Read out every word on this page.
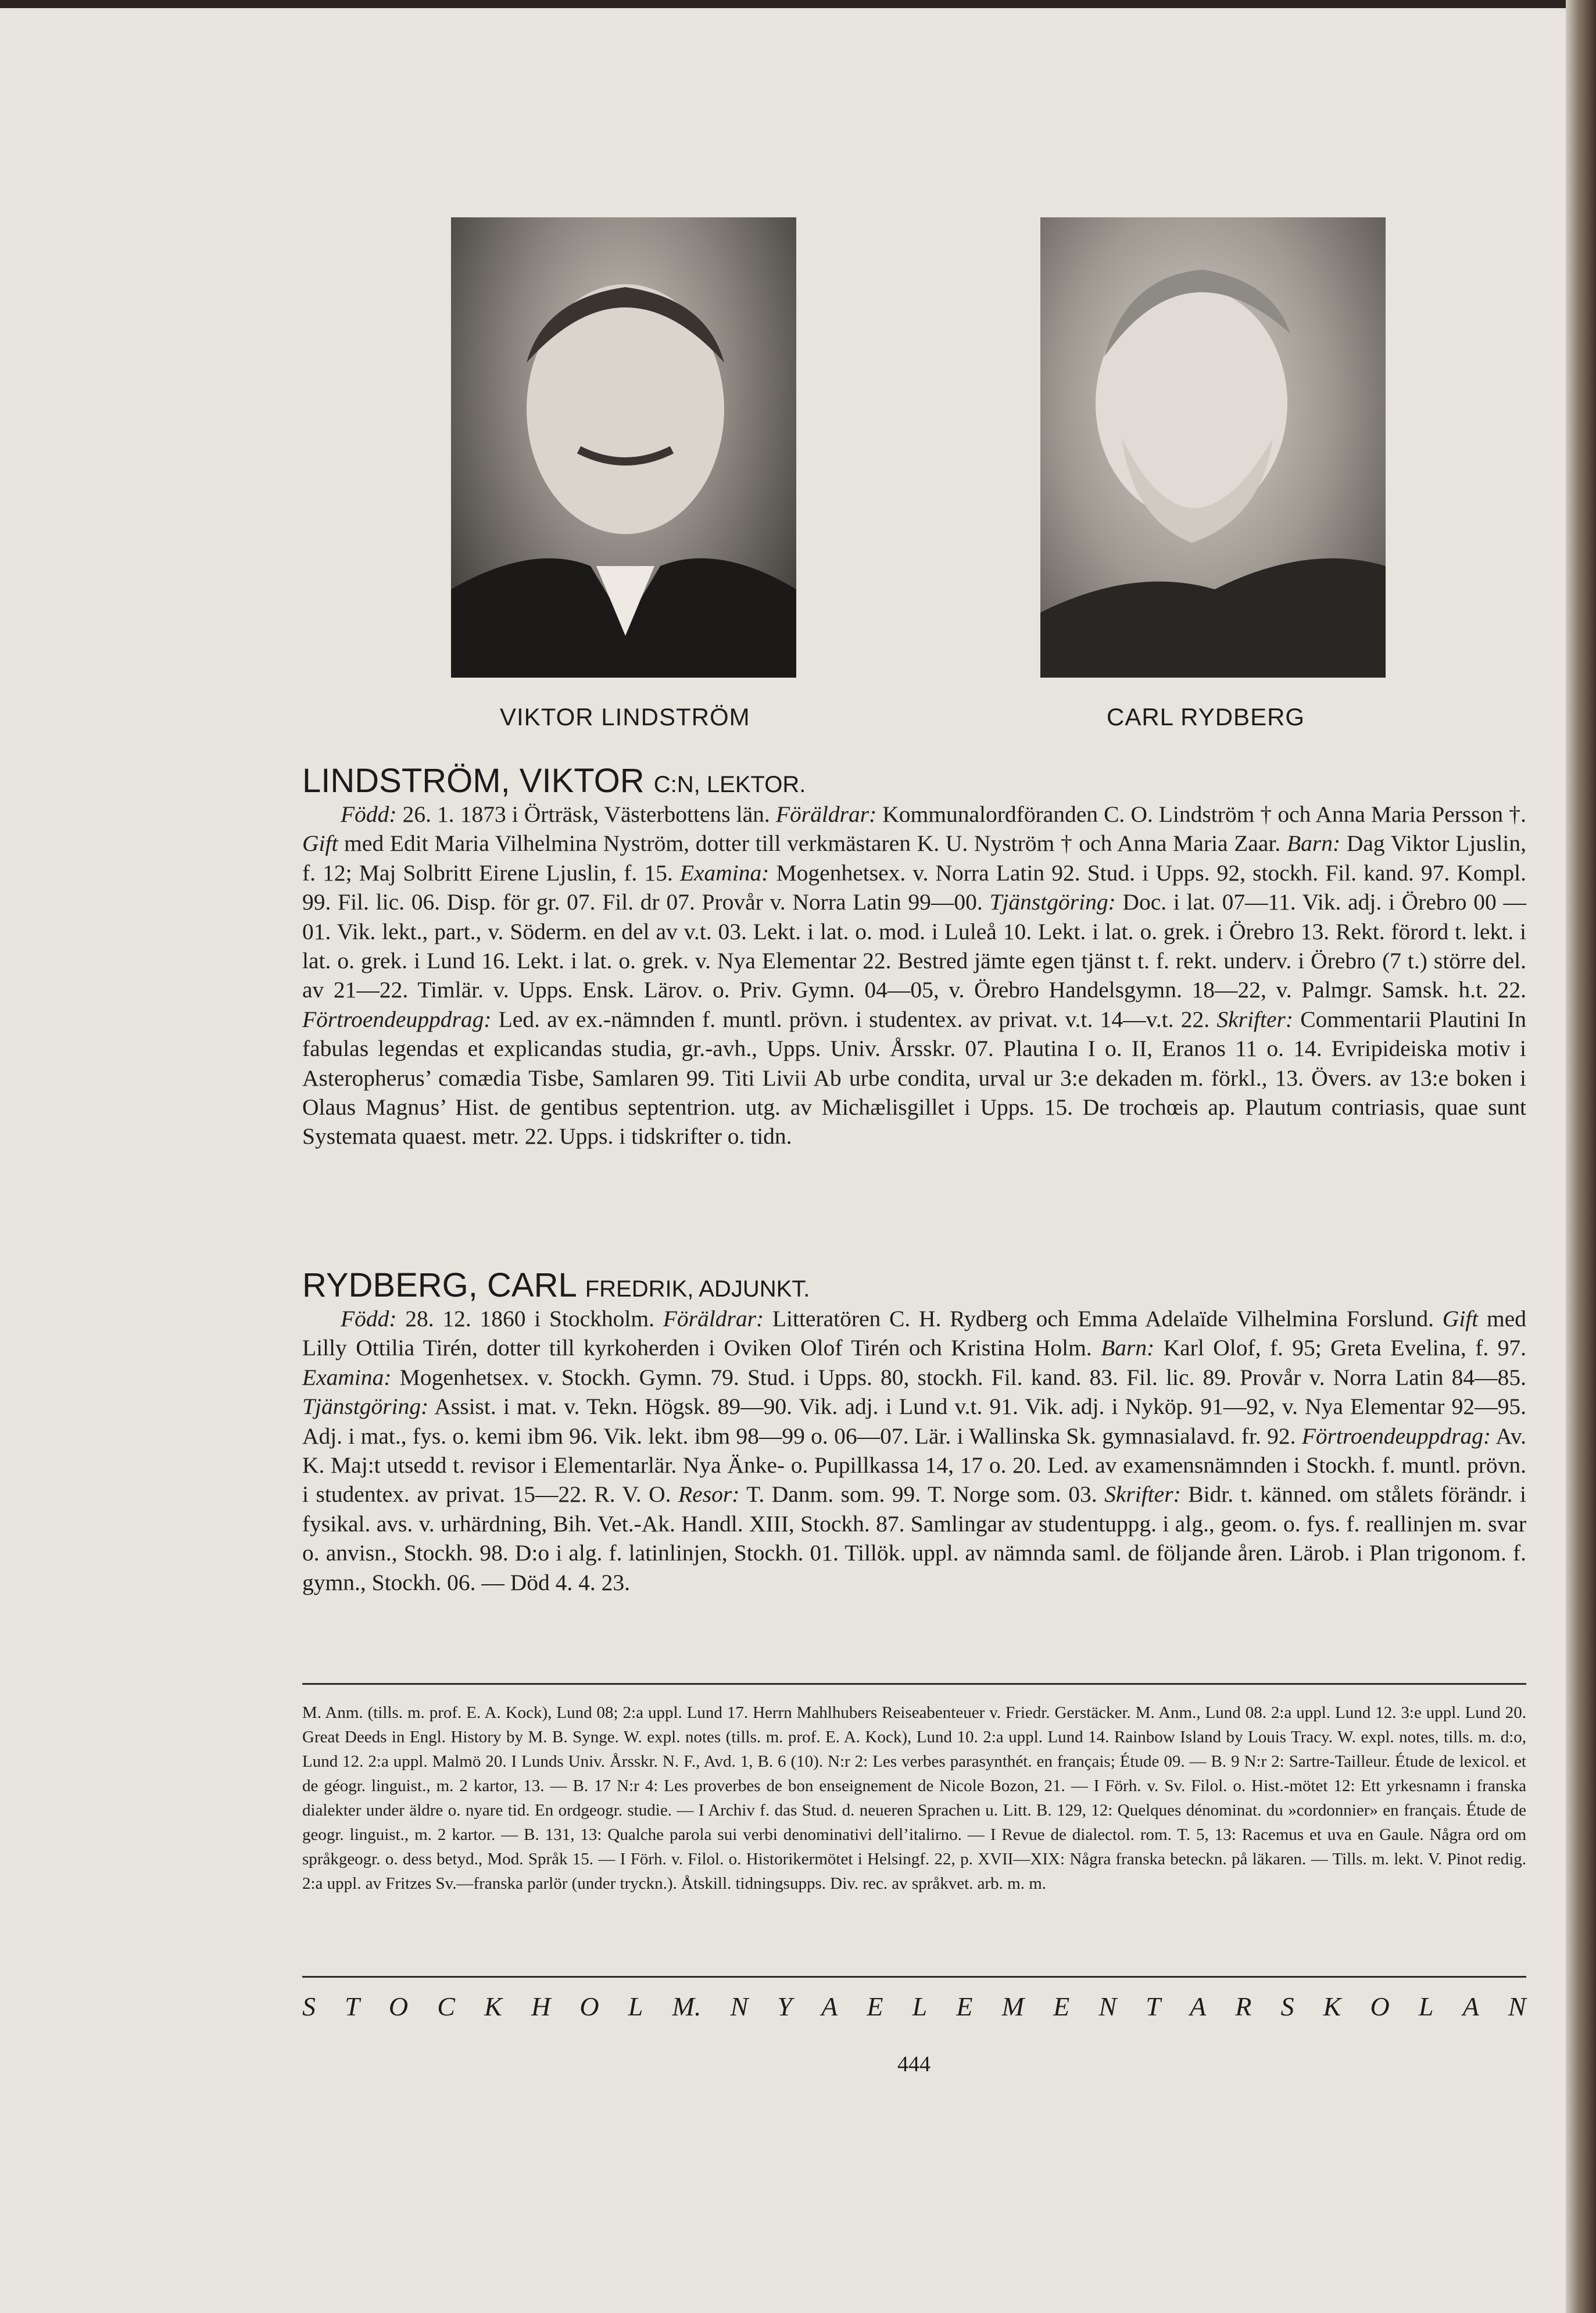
VIKTOR LINDSTRÖM	CARL RYDBERG
LINDSTRÖM, VIKTOR C:N, LEKTOR.

Född: 26. 1. 1873 i Örträsk, Västerbottens län. Föräldrar: Kommunalordföranden C. O. Lindström † och Anna Maria Persson †. Gift med Edit Maria Vilhelmina Nyström, dotter till verkmästaren K. U. Nyström † och Anna Maria Zaar. Barn: Dag Viktor Ljuslin, f. 12; Maj Solbritt Eirene Ljuslin, f. 15. Examina: Mogenhetsex. v. Norra Latin 92. Stud. i Upps. 92, stockh. Fil. kand. 97. Kompl. 99. Fil. lic. 06. Disp. för gr. 07. Fil. dr 07. Provår v. Norra Latin 99—00. Tjänstgöring: Doc. i lat. 07—11. Vik. adj. i Örebro 00 —01. Vik. lekt., part., v. Söderm. en del av v.t. 03. Lekt. i lat. o. mod. i Luleå 10. Lekt. i lat. o. grek. i Örebro 13. Rekt. förord t. lekt. i lat. o. grek. i Lund 16. Lekt. i lat. o. grek. v. Nya Elementar 22. Bestred jämte egen tjänst t. f. rekt. underv. i Örebro (7 t.) större del. av 21—22. Timlär. v. Upps. Ensk. Lärov. o. Priv. Gymn. 04—05, v. Örebro Handelsgymn. 18—22, v. Palmgr. Samsk. h.t. 22. Förtroendeuppdrag: Led. av ex.-nämnden f. muntl. prövn. i studentex. av privat. v.t. 14—v.t. 22. Skrifter: Commentarii Plautini In fabulas legendas et explicandas studia, gr.-avh., Upps. Univ. Årsskr. 07. Plautina I o. II, Eranos 11 o. 14. Evripideiska motiv i Asteropherus’ comædia Tisbe, Samlaren 99. Titi Livii Ab urbe condita, urval ur 3:e dekaden m. förkl., 13. Övers. av 13:e boken i Olaus Magnus’ Hist. de gentibus septentrion. utg. av Michælisgillet i Upps. 15. De trochœis ap. Plautum contriasis, quae sunt Systemata quaest. metr. 22. Upps. i tidskrifter o. tidn.

RYDBERG, CARL FREDRIK, ADJUNKT.

Född: 28. 12. 1860 i Stockholm. Föräldrar: Litteratören C. H. Rydberg och Emma Adelaïde Vilhelmina Forslund. Gift med Lilly Ottilia Tirén, dotter till kyrkoherden i Oviken Olof Tirén och Kristina Holm. Barn: Karl Olof, f. 95; Greta Evelina, f. 97. Examina: Mogenhetsex. v. Stockh. Gymn. 79. Stud. i Upps. 80, stockh. Fil. kand. 83. Fil. lic. 89. Provår v. Norra Latin 84—85. Tjänstgöring: Assist. i mat. v. Tekn. Högsk. 89—90. Vik. adj. i Lund v.t. 91. Vik. adj. i Nyköp. 91—92, v. Nya Elementar 92—95. Adj. i mat., fys. o. kemi ibm 96. Vik. lekt. ibm 98—99 o. 06—07. Lär. i Wallinska Sk. gymnasialavd. fr. 92. Förtroendeuppdrag: Av. K. Maj:t utsedd t. revisor i Elementarlär. Nya Änke- o. Pupillkassa 14, 17 o. 20. Led. av examensnämnden i Stockh. f. muntl. prövn. i studentex. av privat. 15—22. R. V. O. Resor: T. Danm. som. 99. T. Norge som. 03. Skrifter: Bidr. t. känned. om stålets förändr. i fysikal. avs. v. urhärdning, Bih. Vet.-Ak. Handl. XIII, Stockh. 87. Samlingar av studentuppg. i alg., geom. o. fys. f. reallinjen m. svar o. anvisn., Stockh. 98. D:o i alg. f. latinlinjen, Stockh. 01. Tillök. uppl. av nämnda saml. de följande åren. Lärob. i Plan trigonom. f. gymn., Stockh. 06. — Död 4. 4. 23.

M. Anm. (tills. m. prof. E. A. Kock), Lund 08; 2:a uppl. Lund 17. Herrn Mahlhubers Reiseabenteuer v. Friedr. Gerstäcker. M. Anm., Lund 08. 2:a uppl. Lund 12. 3:e uppl. Lund 20. Great Deeds in Engl. History by M. B. Synge. W. expl. notes (tills. m. prof. E. A. Kock), Lund 10. 2:a uppl. Lund 14. Rainbow Island by Louis Tracy. W. expl. notes, tills. m. d:o, Lund 12. 2:a uppl. Malmö 20. I Lunds Univ. Årsskr. N. F., Avd. 1, B. 6 (10). N:r 2: Les verbes parasynthét. en français; Étude 09. — B. 9 N:r 2: Sartre-Tailleur. Étude de lexicol. et de géogr. linguist., m. 2 kartor, 13. — B. 17 N:r 4: Les proverbes de bon enseignement de Nicole Bozon, 21. — I Förh. v. Sv. Filol. o. Hist.-mötet 12: Ett yrkesnamn i franska dialekter under äldre o. nyare tid. En ordgeogr. studie. — I Archiv f. das Stud. d. neueren Sprachen u. Litt. B. 129, 12: Quelques dénominat. du »cordonnier» en français. Étude de geogr. linguist., m. 2 kartor. — B. 131, 13: Qualche parola sui verbi denominativi dell’italirno. — I Revue de dialectol. rom. T. 5, 13: Racemus et uva en Gaule. Några ord om språkgeogr. o. dess betyd., Mod. Språk 15. — I Förh. v. Filol. o. Historikermötet i Helsingf. 22, p. XVII—XIX: Några franska beteckn. på läkaren. — Tills. m. lekt. V. Pinot redig. 2:a uppl. av Fritzes Sv.—franska parlör (under tryckn.). Åtskill. tidningsupps. Div. rec. av språkvet. arb. m. m.
S T O C K H O L M. N Y A E L E M E N T A R S K O L A N
444
